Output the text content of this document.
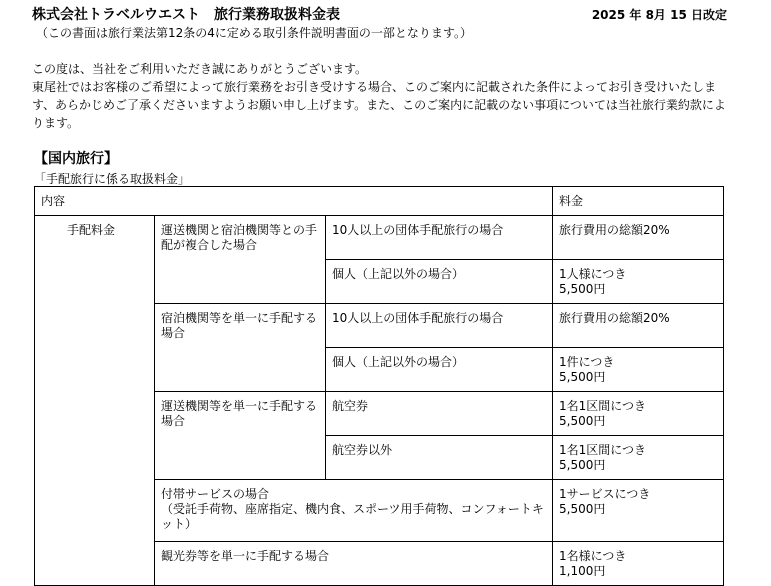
株式会社トラベルウエスト　旅行業務取扱料金表	2025 年 8月 15 日改定
（この書面は旅行業法第12条の4に定める取引条件説明書面の一部となります。）

この度は、当社をご利用いただき誠にありがとうございます。

東尾社ではお客様のご希望によって旅行業務をお引き受けする場合、このご案内に記載された条件によってお引き受けいたします、あらかじめご了承くださいますようお願い申し上げます。また、このご案内に記載のない事項については当社旅行業約款によります。

【国内旅行】
「手配旅行に係る取扱料金」
内容			料金
手配料金	運送機関と宿泊機関等との手配が複合した場合	10人以上の団体手配旅行の場合	旅行費用の総額20%
		個人（上記以外の場合）	1人様につき
5,500円
	宿泊機関等を単一に手配する場合	10人以上の団体手配旅行の場合	旅行費用の総額20%
		個人（上記以外の場合）	1件につき
5,500円
	運送機関等を単一に手配する場合	航空券	1名1区間につき
5,500円
		航空券以外	1名1区間につき
5,500円
	付帯サービスの場合
（受託手荷物、座席指定、機内食、スポーツ用手荷物、コンフォートキット）		1サービスにつき
5,500円
	観光券等を単一に手配する場合		1名様につき
1,100円
